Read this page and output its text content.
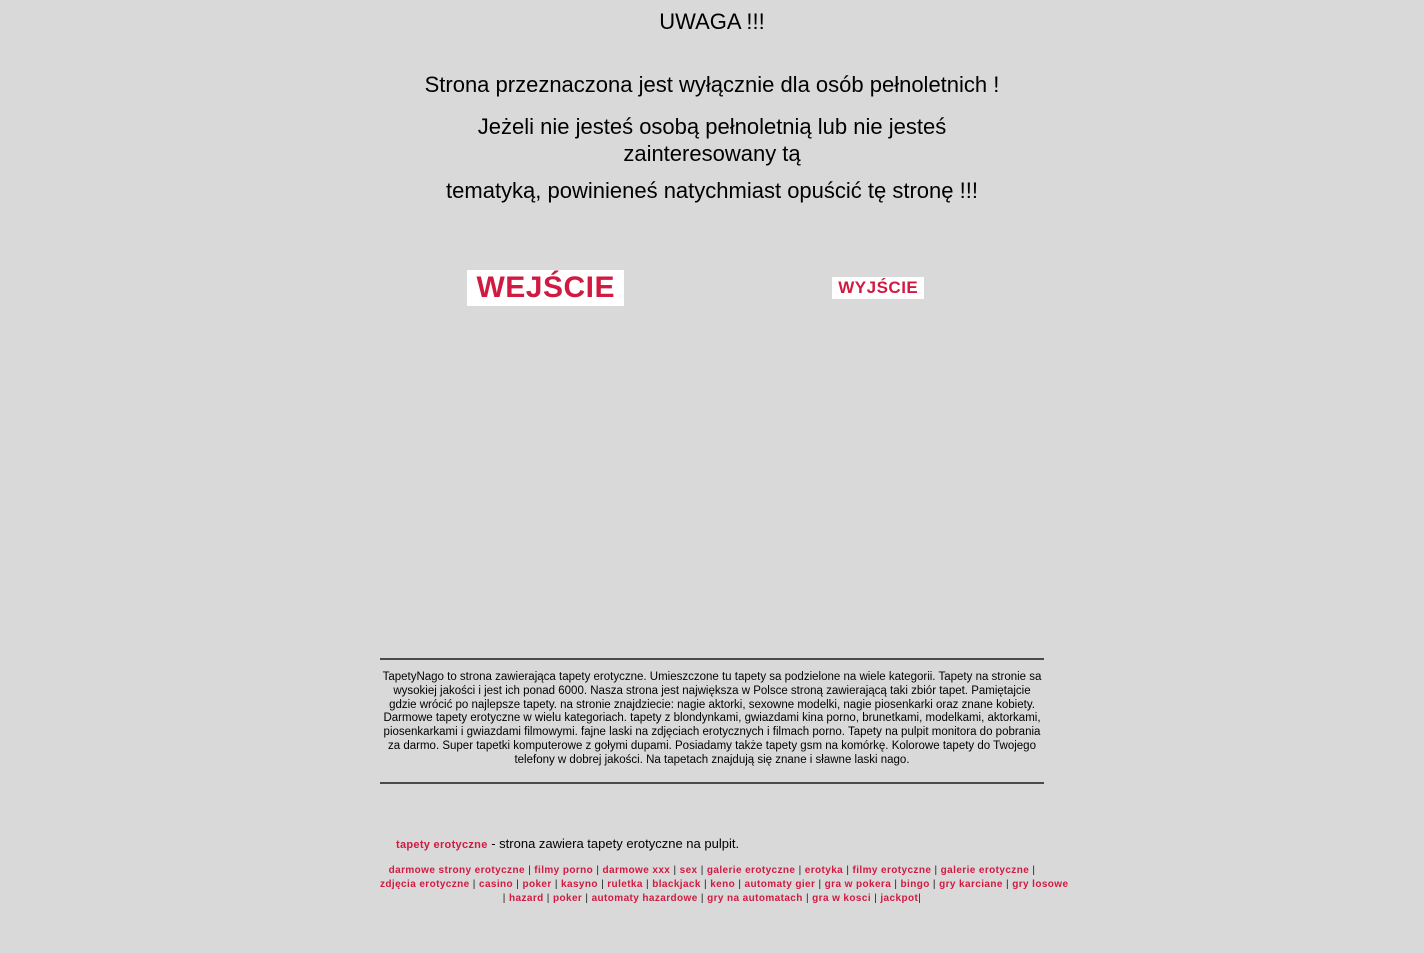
UWAGA !!!

Strona przeznaczona jest wyłącznie dla osób pełnoletnich !

Jeżeli nie jesteś osobą pełnoletnią lub nie jesteś
zainteresowany tą

tematyką, powinieneś natychmiast opuścić tę stronę !!!

WEJŚCIE	WYJŚCIE

TapetyNago to strona zawierająca tapety erotyczne. Umieszczone tu tapety sa podzielone na wiele kategorii. Tapety na stronie sa wysokiej jakości i jest ich ponad 6000. Nasza strona jest największa w Polsce stroną zawierającą taki zbiór tapet. Pamiętajcie gdzie wrócić po najlepsze tapety. na stronie znajdziecie: nagie aktorki, sexowne modelki, nagie piosenkarki oraz znane kobiety. Darmowe tapety erotyczne w wielu kategoriach. tapety z blondynkami, gwiazdami kina porno, brunetkami, modelkami, aktorkami, piosenkarkami i gwiazdami filmowymi. fajne laski na zdjęciach erotycznych i filmach porno. Tapety na pulpit monitora do pobrania za darmo. Super tapetki komputerowe z gołymi dupami. Posiadamy także tapety gsm na komórkę. Kolorowe tapety do Twojego telefony w dobrej jakości. Na tapetach znajdują się znane i sławne laski nago.

tapety erotyczne - strona zawiera tapety erotyczne na pulpit.

darmowe strony erotyczne | filmy porno | darmowe xxx | sex | galerie erotyczne | erotyka | filmy erotyczne | galerie erotyczne |
zdjęcia erotyczne | casino | poker | kasyno | ruletka | blackjack | keno | automaty gier | gra w pokera | bingo | gry karciane | gry losowe
| hazard | poker | automaty hazardowe | gry na automatach | gra w kosci | jackpot|
